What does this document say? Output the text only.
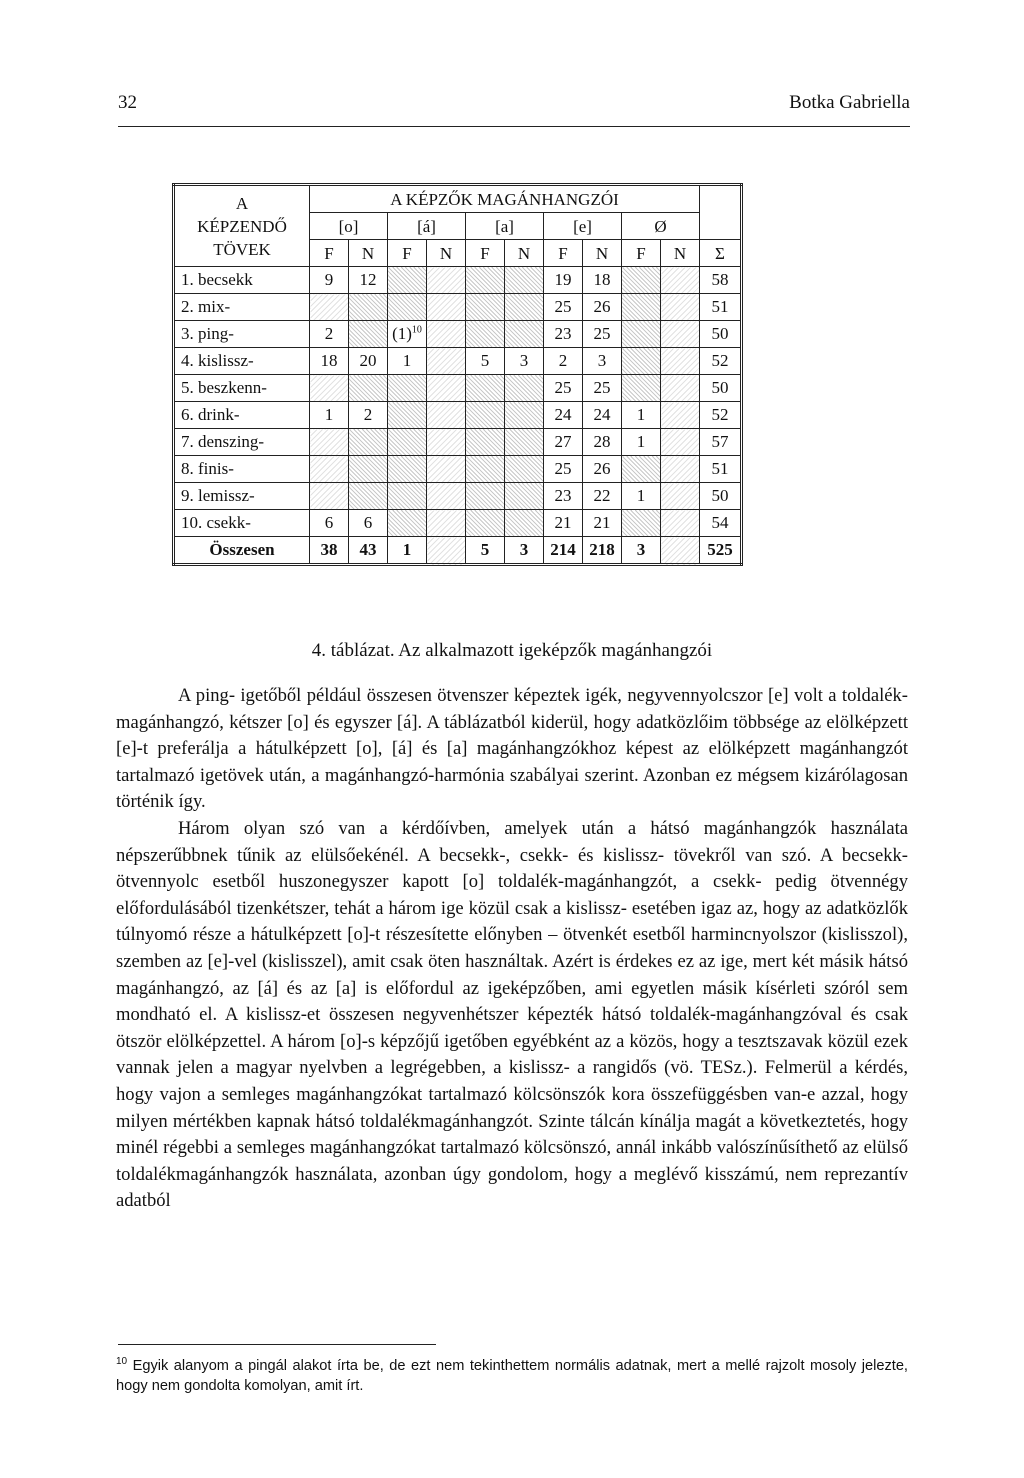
32	Botka Gabriella
A
KÉPZENDŐ
TÖVEK	A KÉPZŐK MAGÁNHANGZÓI										
	[o]		[á]		[a]		[e]		Ø		
	F	N	F	N	F	N	F	N	F	N	Σ
1. becsekk	9	12					19	18			58
2. mix-							25	26			51
3. ping-	2		$(1)^{10}$				23	25			50
4. kislissz-	18	20	1		5	3	2	3			52
5. beszkenn-							25	25			50
6. drink-	1	2					24	24	1		52
7. denszing-							27	28	1		57
8. finis-							25	26			51
9. lemissz-							23	22	1		50
10. csekk-	6	6					21	21			54
Összesen	38	43	1		5	3	214	218	3		525
4. táblázat. Az alkalmazott igeképzők magánhangzói

A ping- igetőből például összesen ötvenszer képeztek igék, negyvennyolcszor [e] volt a toldalék-magánhangzó, kétszer [o] és egyszer [á]. A táblázatból kiderül, hogy adatközlőim többsége az elölképzett [e]-t preferálja a hátulképzett [o], [á] és [a] magánhangzókhoz képest az elölképzett magánhangzót tartalmazó igetövek után, a magánhangzó-harmónia szabályai szerint. Azonban ez mégsem kizárólagosan történik így.

Három olyan szó van a kérdőívben, amelyek után a hátsó magánhangzók használata népszerűbbnek tűnik az elülsőekénél. A becsekk-, csekk- és kislissz- tövekről van szó. A becsekk- ötvennyolc esetből huszonegyszer kapott [o] toldalék-magánhangzót, a csekk- pedig ötvennégy előfordulásából tizenkétszer, tehát a három ige közül csak a kislissz- esetében igaz az, hogy az adatközlők túlnyomó része a hátulképzett [o]-t részesítette előnyben – ötvenkét esetből harmincnyolszor (kislisszol), szemben az [e]-vel (kislisszel), amit csak öten használtak. Azért is érdekes ez az ige, mert két másik hátsó magánhangzó, az [á] és az [a] is előfordul az igeképzőben, ami egyetlen másik kísérleti szóról sem mondható el. A kislissz-et összesen negyvenhétszer képezték hátsó toldalék-magánhangzóval és csak ötször elölképzettel. A három [o]-s képzőjű igetőben egyébként az a közös, hogy a tesztszavak közül ezek vannak jelen a magyar nyelvben a legrégebben, a kislissz- a rangidős (vö. TESz.). Felmerül a kérdés, hogy vajon a semleges magánhangzókat tartalmazó kölcsönszók kora összefüggésben van-e azzal, hogy milyen mértékben kapnak hátsó toldalékmagánhangzót. Szinte tálcán kínálja magát a következtetés, hogy minél régebbi a semleges magánhangzókat tartalmazó kölcsönszó, annál inkább valószínűsíthető az elülső toldalékmagánhangzók használata, azonban úgy gondolom, hogy a meglévő kisszámú, nem reprezantív adatból

$^{10}$ Egyik alanyom a pingál alakot írta be, de ezt nem tekinthettem normális adatnak, mert a mellé rajzolt mosoly jelezte, hogy nem gondolta komolyan, amit írt.
